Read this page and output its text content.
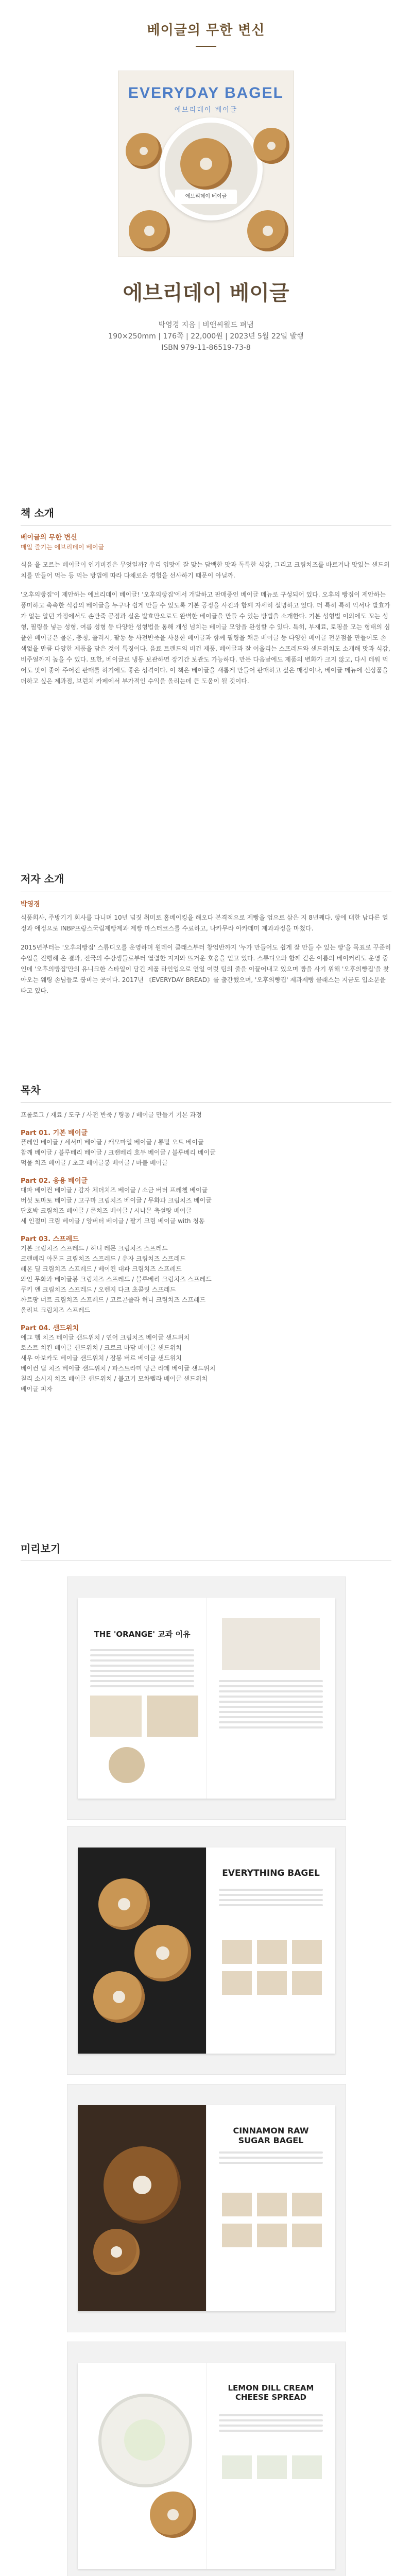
베이글의 무한 변신
EVERYDAY BAGEL
에브리데이 베이글
에브리데이 베이글
에브리데이 베이글
박영경 지음 | 비앤씨월드 펴냄
190×250mm | 176쪽 | 22,000원 | 2023년 5월 22일 발행
ISBN 979-11-86519-73-8
책 소개
베이글의 무한 변신
매일 즐기는 에브리데이 베이글

식음 을 모르는 베이글이 인기비결은 무엇일까? 우리 입맛에 잘 맞는 담백한 맛과 독특한 식감, 그리고 크림치즈를 바르거나 맛있는 샌드위치를 만들어 먹는 등 먹는 방법에 따라 다채로운 경험을 선사하기 때문이 아닐까.

'오후의빵집'이 제안하는 에브리데이 베이글! '오후의빵집'에서 개발하고 판매중인 베이글 메뉴로 구성되어 있다. 오후의 빵집이 제안하는 풍미하고 촉촉한 식감의 베이글을 누구나 쉽게 만들 수 있도록 기본 공정을 사진과 함께 자세히 설명하고 있다. 더 특히 특히 익서나 발효가가 없는 알던 가정에서도 손반죽 공정과 실온 발효만으로도 완벽한 베이글을 만들 수 있는 방법을 소개한다. 기본 성형법 이외에도 꼬는 성형, 필링을 넣는 성형, 여름 성형 등 다양한 성형법을 통해 개성 넘치는 베이글 모양을 완성할 수 있다. 특히, 부재료, 토핑을 모는 형태의 심플한 베이글은 물론, 충청, 플러시, 팥동 등 사전반죽을 사용한 베이글과 함께 필링을 채운 베이글 등 다양한 베이글 전문점을 만들어도 손색없을 만큼 다양한 제품을 담은 것이 특징이다. 음료 트랜드의 비건 제품, 베이글과 잘 어울리는 스프레드와 샌드위치도 소개해 맛과 식감, 비주얼까지 높을 수 있다. 또한, 베이글로 냉동 보관하면 장기간 보관도 가능하다. 만든 다음날에도 제품의 변화가 크지 않고, 다시 데워 먹어도 맛이 좋아 주어진 판매를 하기에도 좋은 성격이다. 이 책은 베이글을 새롭게 만들어 판매하고 싶은 매장이나, 베이글 메뉴에 신상품을 더하고 싶은 제과점, 브런치 카페에서 부가적인 수익을 올리는데 큰 도움이 될 것이다.

저자 소개
박영경

식품회사, 주방기기 회사를 다니며 10년 넘짓 취미로 홈베이킹을 해오다 본격적으로 제빵을 업으로 삼은 지 8년째다. 빵에 대한 남다른 열정과 애정으로 INBP프랑스국립제빵제과 제빵 마스터코스를 수료하고, 나카무라 아카데미 제과과정을 마쳤다.

2015년부터는 '오후의빵집' 스튜디오를 운영하며 원데이 클래스부터 창업반까지 '누가 만들어도 쉽게 잘 만들 수 있는 빵'을 목표로 꾸준히 수업을 진행해 온 결과, 전국의 수강생들로부터 열렬한 지지와 뜨거운 호응을 얻고 있다. 스튜디오와 함께 같은 이름의 베이커리도 운영 중인데 '오후의빵집'만의 유니크한 스타일이 담긴 제품 라인업으로 연일 여럿 팀의 줄을 이끌어내고 있으며 빵을 사기 위해 '오후의빵집'을 찾아오는 웨팅 손님들로 붐비는 곳이다. 2017년 《EVERYDAY BREAD》를 출간했으며, '오후의빵집' 제과제빵 클래스는 지금도 입소문을 타고 있다.

목차
프롤로그 / 재료 / 도구 / 사전 반죽 / 팅동 / 베이글 만들기 기본 과정
Part 01. 기본 베이글
플레인 베이글 / 세서미 베이글 / 캐모마일 베이글 / 통밀 오트 베이글
참깨 베이글 / 블루베리 베이글 / 크랜베리 호두 베이글 / 블루베리 베이글
먹물 치즈 베이글 / 초코 베이글봉 베이글 / 마블 베이글
Part 02. 응용 베이글
대파 베이컨 베이글 / 감자 체더치즈 베이글 / 소금 버터 프레첼 베이글
버섯 토마토 베이글 / 고구마 크림치즈 베이글 / 무화과 크림치즈 베이글
단호박 크림치즈 베이글 / 콘치즈 베이글 / 시나몬 축설탕 베이글
세 인절미 크림 베이글 / 양버터 베이글 / 팔기 크림 베이글 with 청동
Part 03. 스프레드
기본 크림치즈 스프레드 / 허니 레몬 크림치즈 스프레드
크랜베리 아몬드 크림치즈 스프레드 / 유자 크림치즈 스프레드
레몬 딜 크림치즈 스프레드 / 베이컨 대파 크림치즈 스프레드
와인 무화과 베이글봉 크림치즈 스프레드 / 블루베리 크림치즈 스프레드
쿠키 앤 크림치즈 스프레드 / 오렌지 다크 초콜릿 스프레드
까르팡 너트 크림치즈 스프레드 / 고르곤졸라 허니 크림치즈 스프레드
올리브 크림치즈 스프레드
Part 04. 샌드위치
에그 햄 치즈 베이글 샌드위치 / 연어 크림치즈 베이글 샌드위치
로스트 치킨 베이글 샌드위치 / 크로크 마담 베이글 샌드위치
새우 아보카도 베이글 샌드위치 / 잠봉 버르 베이글 샌드위치
베이컨 딥 치즈 베이글 샌드위치 / 파스트라미 당근 라페 베이글 샌드위치
칠리 소시지 치즈 베이글 샌드위치 / 불고기 모차렐라 베이글 샌드위치
베이글 피자
미리보기
THE 'ORANGE' 교과 이유
EVERYTHING BAGEL
CINNAMON RAW SUGAR BAGEL
LEMON DILL CREAM CHEESE SPREAD
